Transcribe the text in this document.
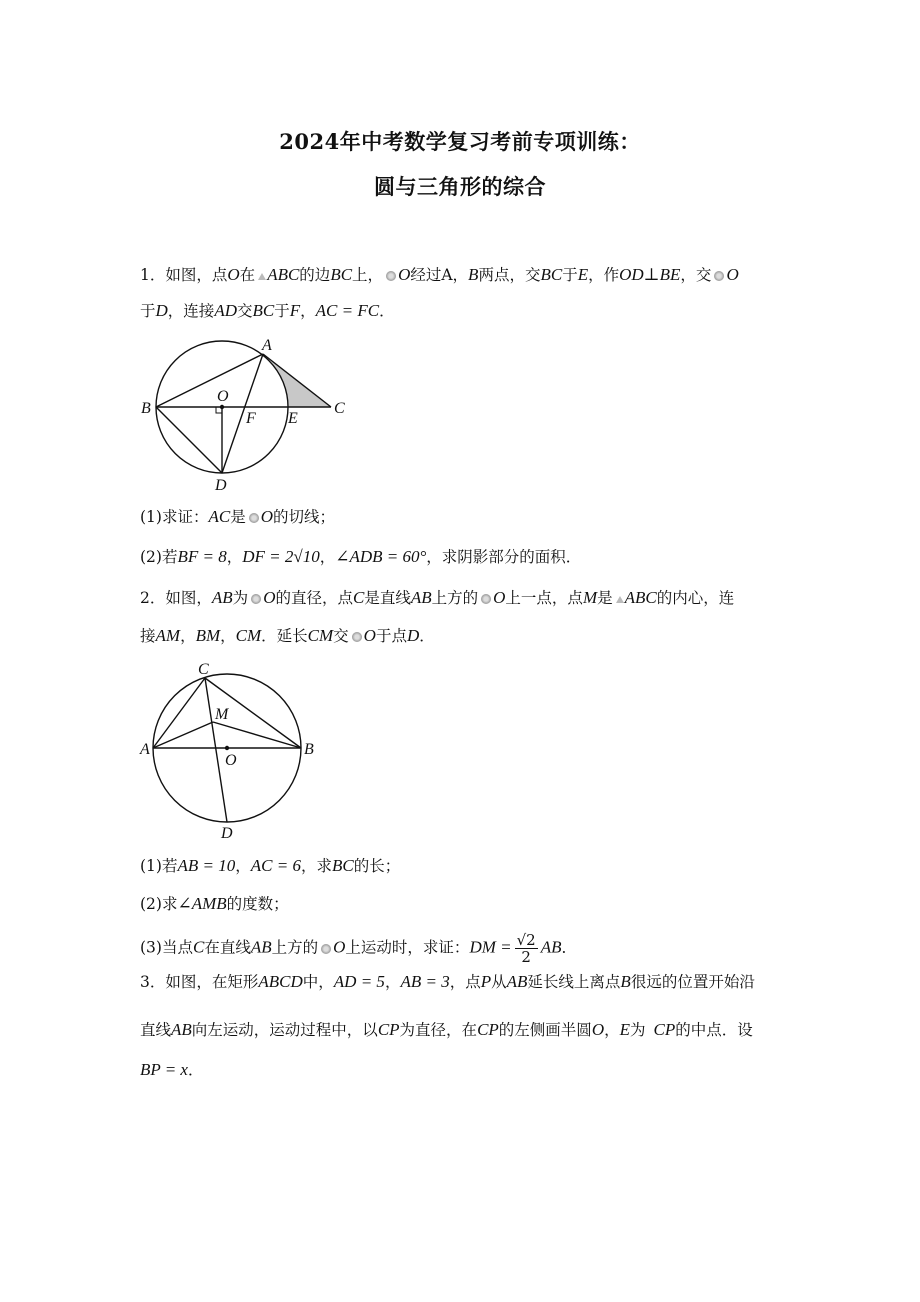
2024年中考数学复习考前专项训练：
圆与三角形的综合
1．如图，点O在 ABC的边BC上， O经过A，B两点，交BC于E，作OD⊥BE，交 O
于D，连接AD交BC于F，AC = FC．
A
B	C
D
E
F
O
(1)求证：AC是 O的切线；
(2)若BF = 8，DF = 2√10，∠ADB = 60°，求阴影部分的面积．
2．如图，AB为 O的直径，点C是直线AB上方的 O上一点，点M是 ABC的内心，连
接AM，BM，CM．延长CM交 O于点D．
A	B
C
D
M
O
(1)若AB = 10，AC = 6，求BC的长；
(2)求∠AMB的度数；
(3)当点C在直线AB上方的 O上运动时，求证：DM = $\frac{√2}{2}$ AB．
3．如图，在矩形ABCD中，AD = 5，AB = 3，点P从AB延长线上离点B很远的位置开始沿
直线AB向左运动，运动过程中，以CP为直径，在CP的左侧画半圆O，E为 CP的中点．设
BP = x．
